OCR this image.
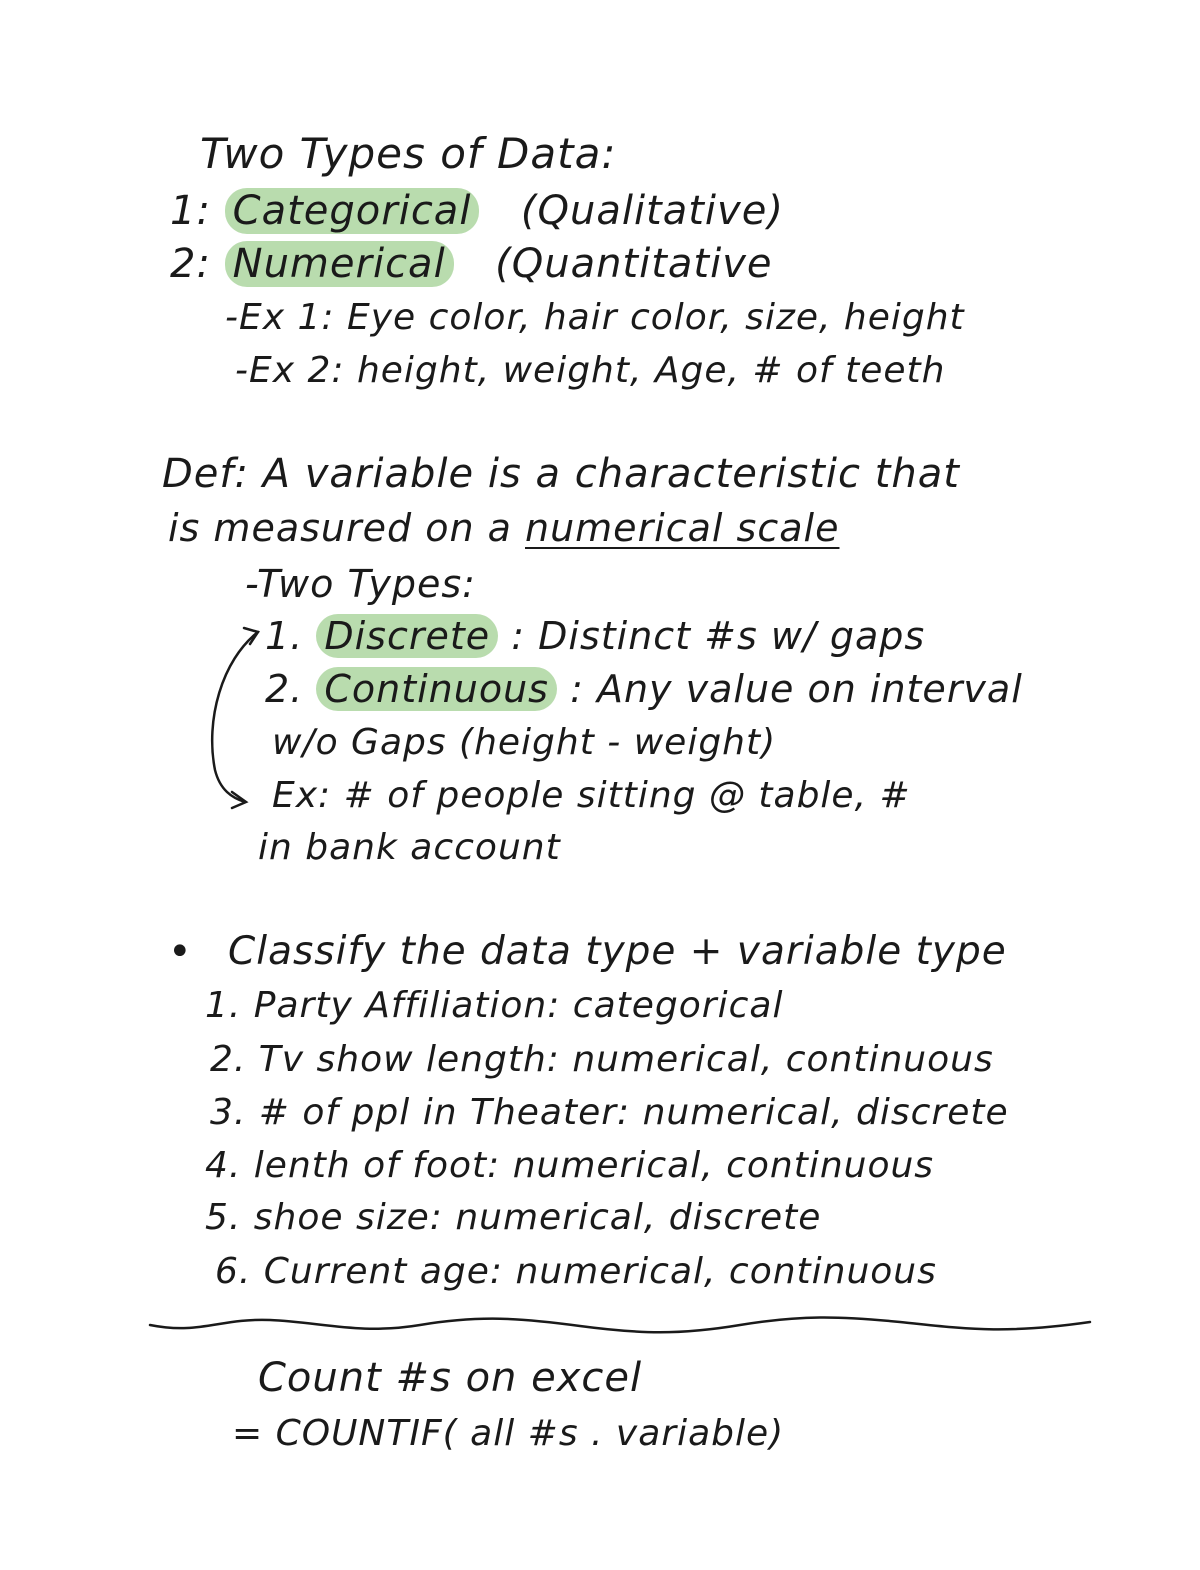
Two Types of Data:
1: Categorical (Qualitative)
2: Numerical (Quantitative
-Ex 1: Eye color, hair color, size, height
-Ex 2: height, weight, Age, # of teeth
Def: A variable is a characteristic that
is measured on a numerical scale
-Two Types:
1. Discrete : Distinct #s w/ gaps
2. Continuous : Any value on interval
w/o Gaps (height - weight)
Ex: # of people sitting @ table, #
in bank account
• Classify the data type + variable type
1. Party Affiliation: categorical
2. Tv show length: numerical, continuous
3. # of ppl in Theater: numerical, discrete
4. lenth of foot: numerical, continuous
5. shoe size: numerical, discrete
6. Current age: numerical, continuous
Count #s on excel
= COUNTIF( all #s . variable)
